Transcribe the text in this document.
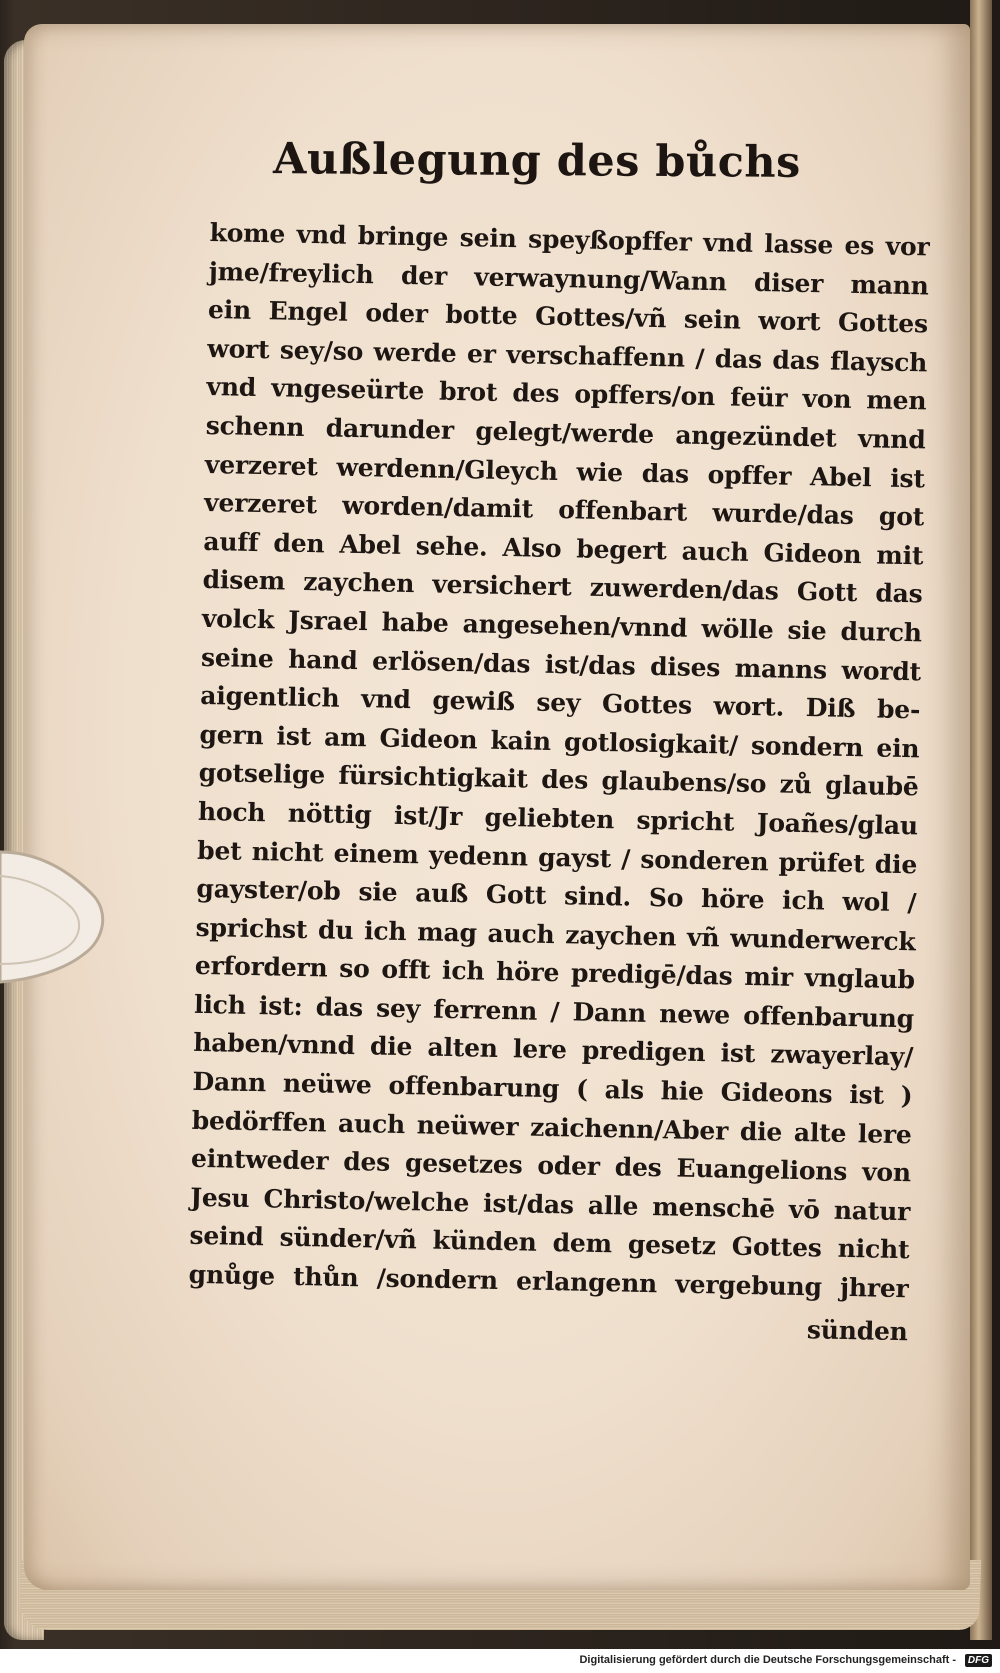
Außlegung des bůchs
kome vnd bringe sein speyßopffer vnd lasse es vor
jme/freylich der verwaynung/Wann diser mann
ein Engel oder botte Gottes/vñ sein wort Gottes
wort sey/so werde er verschaffenn / das das flaysch
vnd vngesеürte brot des opffers/on feür von men
schenn darunder gelegt/werde angezündet vnnd
verzeret werdenn/Gleych wie das opffer Abel ist
verzeret worden/damit offenbart wurde/das got
auff den Abel sehe. Also begert auch Gideon mit
disem zaychen versichert zuwerden/das Gott das
volck Jsrael habe angesehen/vnnd wölle sie durch
seine hand erlösen/das ist/das dises manns wordt
aigentlich vnd gewiß sey Gottes wort. Diß be-
gern ist am Gideon kain gotlosigkait/ sondern ein
gotselige fürsichtigkait des glaubens/so zů glaubē
hoch nöttig ist/Jr geliebten spricht Joañes/glau
bet nicht einem yedenn gayst / sonderen prüfet die
gayster/ob sie auß Gott sind. So höre ich wol /
sprichst du ich mag auch zaychen vñ wunderwerck
erfordern so offt ich höre predigē/das mir vnglaub
lich ist: das sey ferrenn / Dann newe offenbarung
haben/vnnd die alten lere predigen ist zwayerlay/
Dann neüwe offenbarung ( als hie Gideons ist )
bedörffen auch neüwer zaichenn/Aber die alte lere
eintweder des gesetzes oder des Euangelions von
Jesu Christo/welche ist/das alle menschē vō natur
seind sünder/vñ künden dem gesetz Gottes nicht
gnůge thůn /sondern erlangenn vergebung jhrer
sünden
Digitalisierung gefördert durch die Deutsche Forschungsgemeinschaft -	DFG
